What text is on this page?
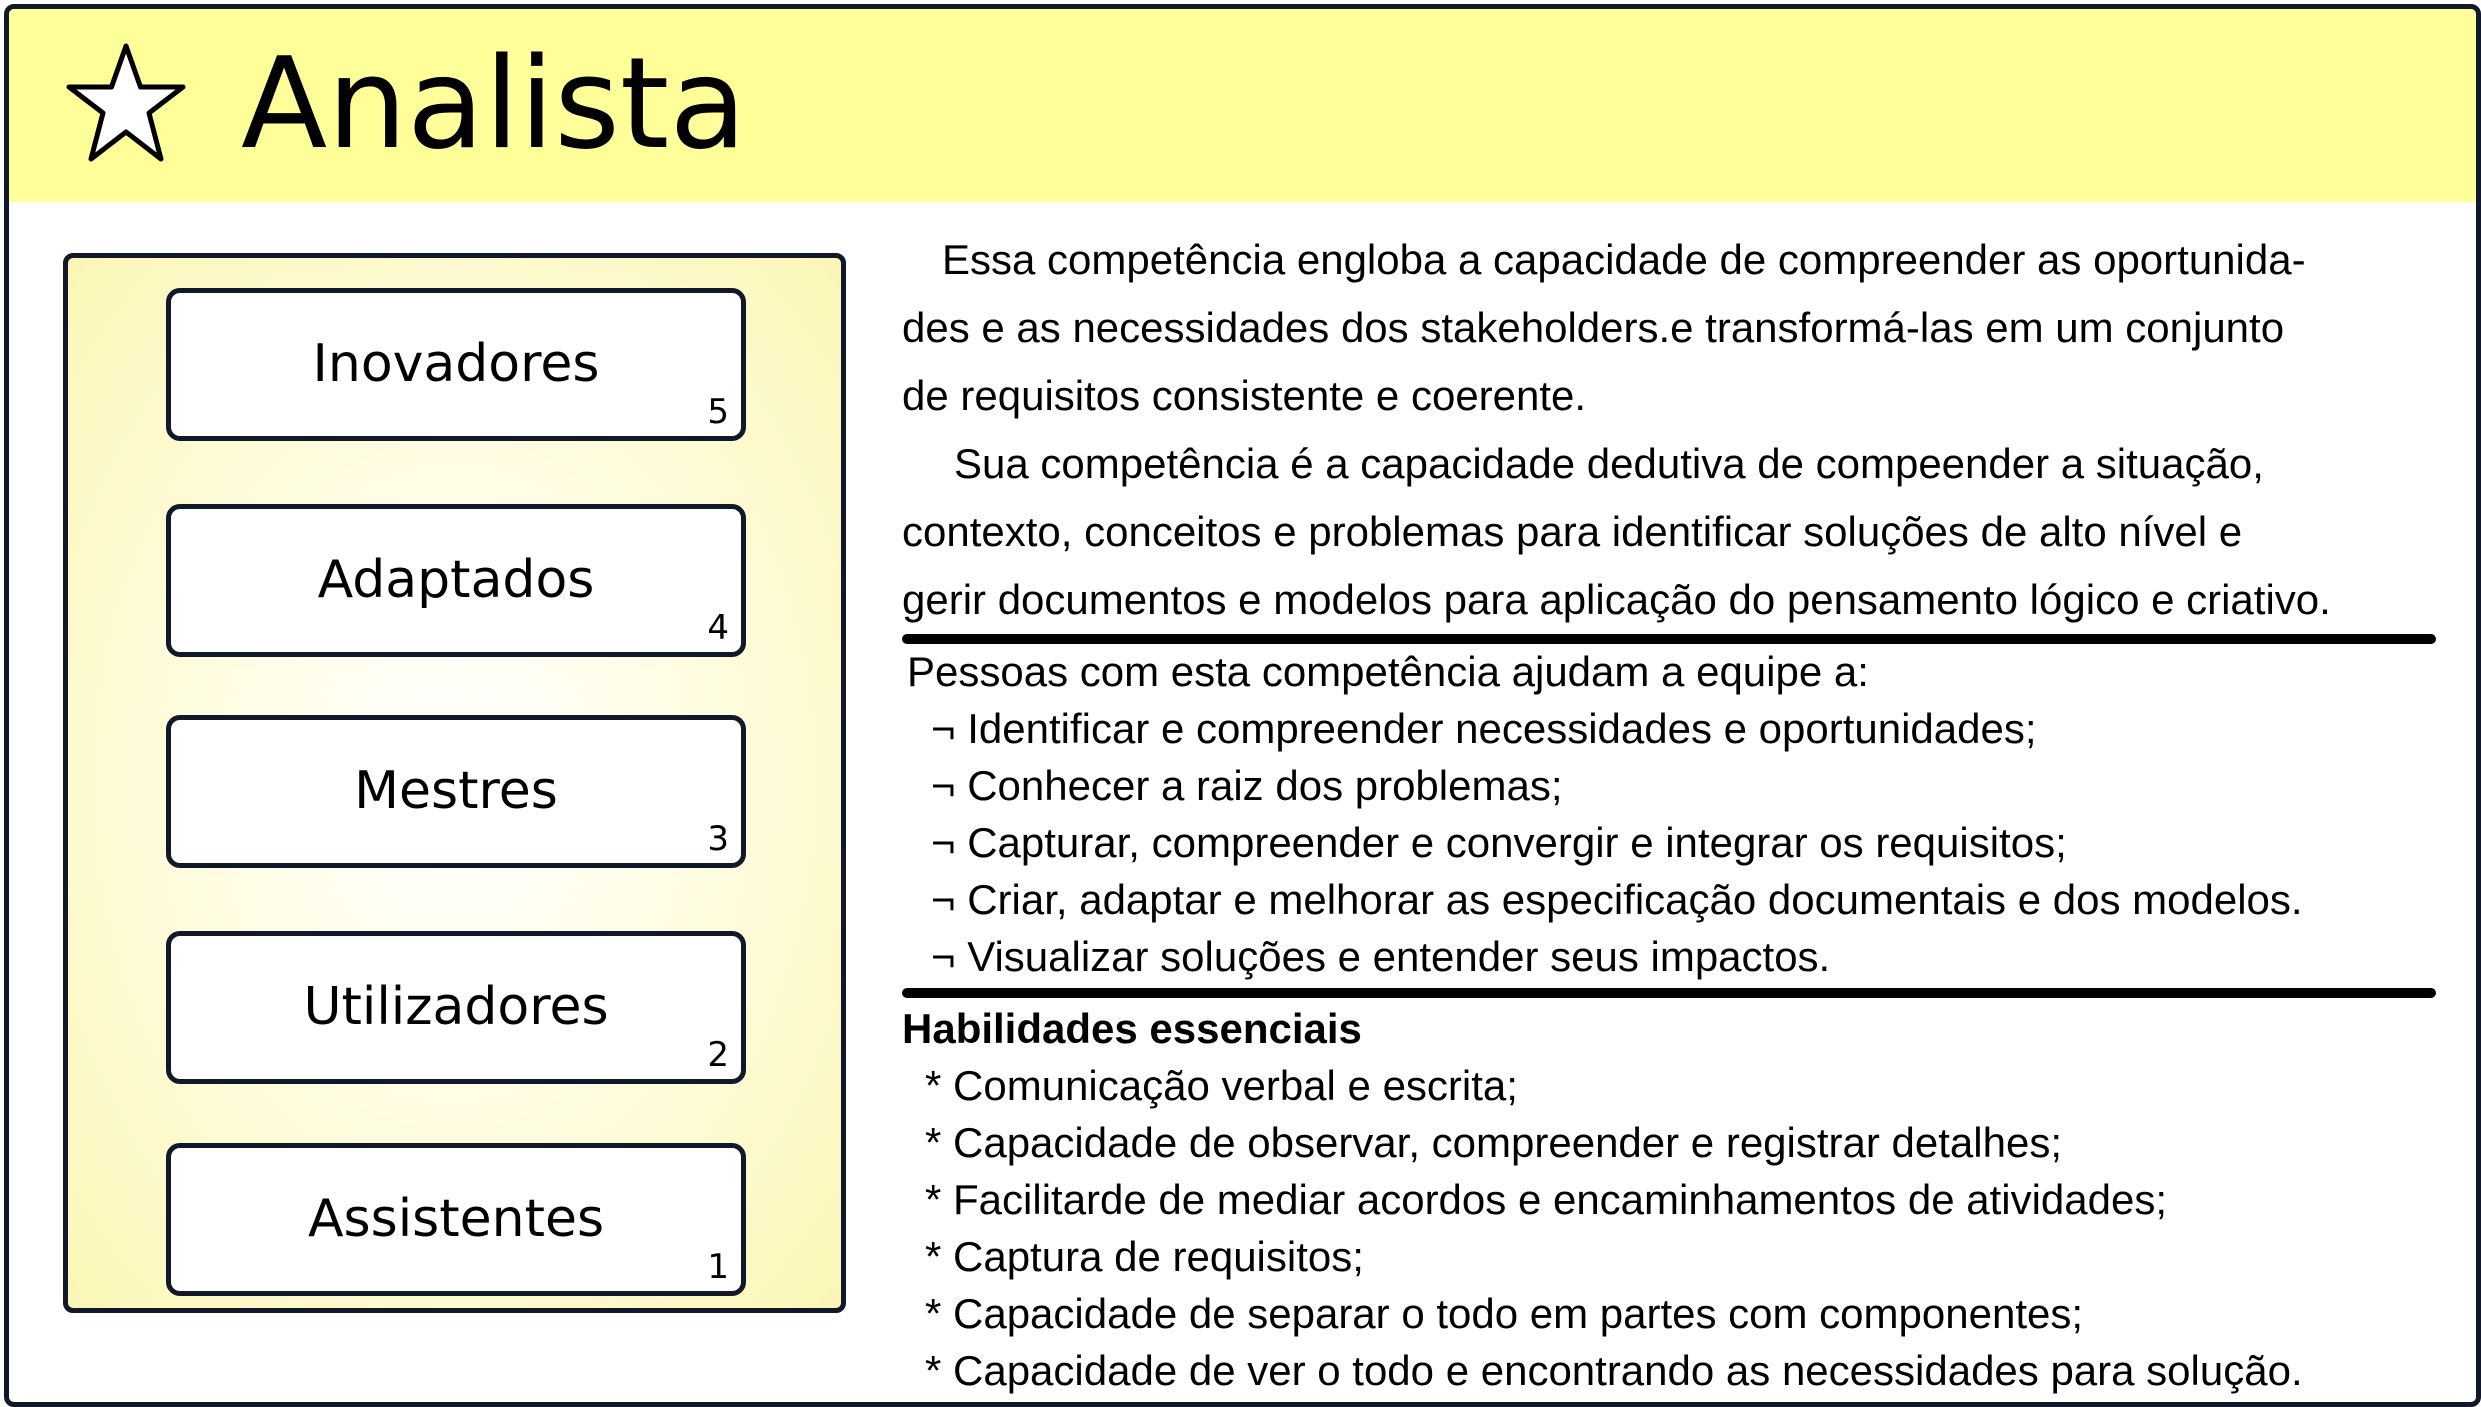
Analista
Inovadores
5
Adaptados
4
Mestres
3
Utilizadores
2
Assistentes
1
Essa competência engloba a capacidade de compreender as oportunida-
des e as necessidades dos stakeholders.e transformá-las em um conjunto
de requisitos consistente e coerente.
Sua competência é a capacidade dedutiva de compeender a situação,
contexto, conceitos e problemas para identificar soluções de alto nível e
gerir documentos e modelos para aplicação do pensamento lógico e criativo.
Pessoas com esta competência ajudam a equipe a:
¬ Identificar e compreender necessidades e oportunidades;
¬ Conhecer a raiz dos problemas;
¬ Capturar, compreender e convergir e integrar os requisitos;
¬ Criar, adaptar e melhorar as especificação documentais e dos modelos.
¬ Visualizar soluções e entender seus impactos.
Habilidades essenciais
* Comunicação verbal e escrita;
* Capacidade de observar, compreender e registrar detalhes;
* Facilitarde de mediar acordos e encaminhamentos de atividades;
* Captura de requisitos;
* Capacidade de separar o todo em partes com componentes;
* Capacidade de ver o todo e encontrando as necessidades para solução.
